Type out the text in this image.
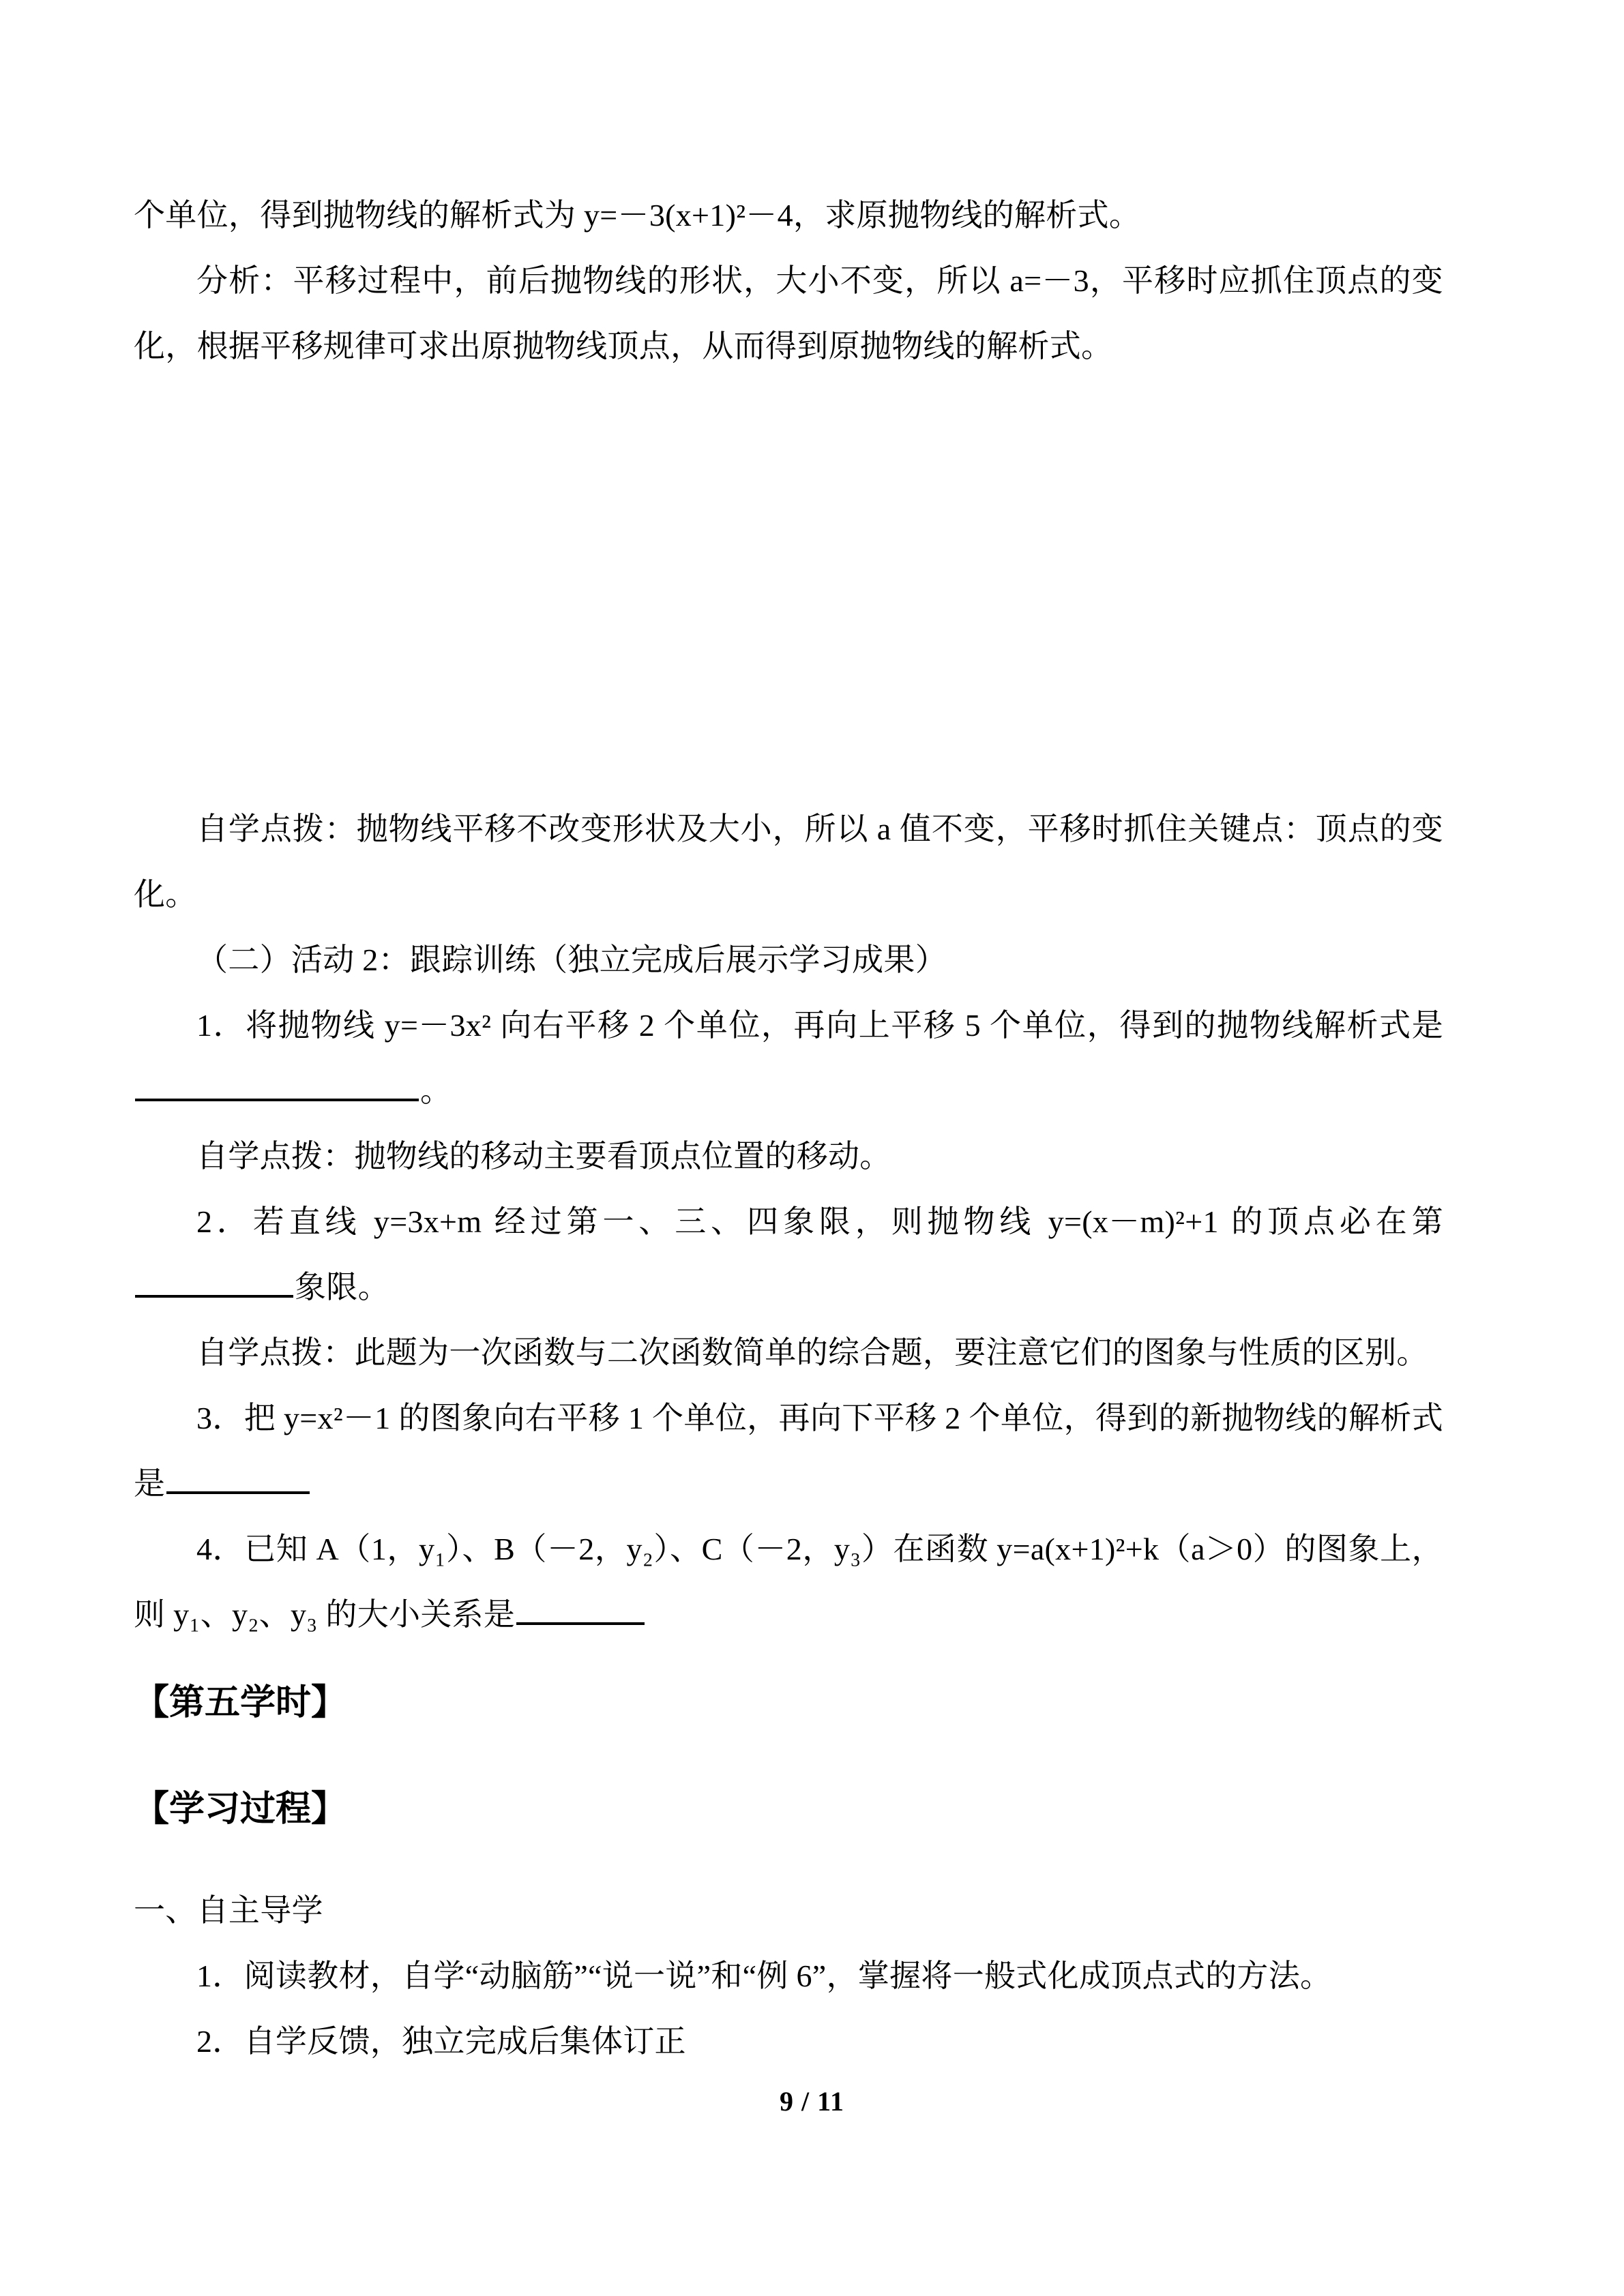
个单位，得到抛物线的解析式为 y=－3(x+1)²－4，求原抛物线的解析式。

分析：平移过程中，前后抛物线的形状，大小不变，所以 a=－3，平移时应抓住顶点的变化，根据平移规律可求出原抛物线顶点，从而得到原抛物线的解析式。

自学点拨：抛物线平移不改变形状及大小，所以 a 值不变，平移时抓住关键点：顶点的变化。

（二）活动 2：跟踪训练（独立完成后展示学习成果）

1．将抛物线 y=－3x² 向右平移 2 个单位，再向上平移 5 个单位，得到的抛物线解析式是。

自学点拨：抛物线的移动主要看顶点位置的移动。

2．若直线 y=3x+m 经过第一、三、四象限，则抛物线 y=(x－m)²+1 的顶点必在第象限。

自学点拨：此题为一次函数与二次函数简单的综合题，要注意它们的图象与性质的区别。

3．把 y=x²－1 的图象向右平移 1 个单位，再向下平移 2 个单位，得到的新抛物线的解析式是

4．已知 A（1，y₁）、B（－2，y₂）、C（－2，y₃）在函数 y=a(x+1)²+k（a＞0）的图象上，则 y₁、y₂、y₃ 的大小关系是

【第五学时】

【学习过程】

一、自主导学

1．阅读教材，自学“动脑筋”“说一说”和“例 6”，掌握将一般式化成顶点式的方法。

2．自学反馈，独立完成后集体订正

9 / 11
